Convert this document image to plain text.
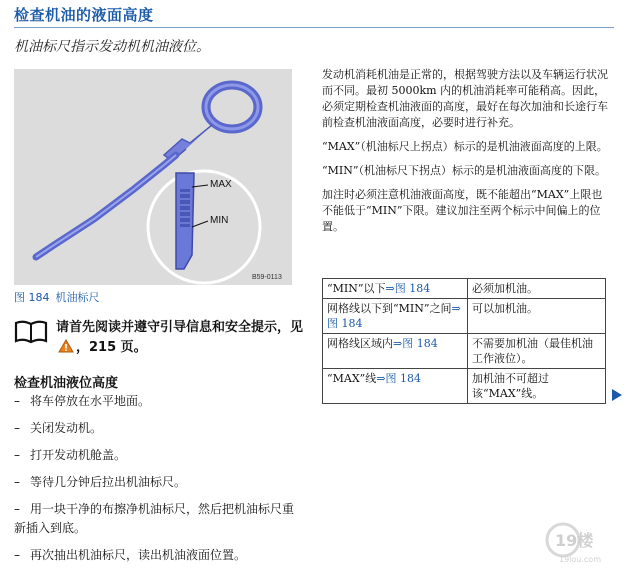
检查机油的液面高度
机油标尺指示发动机机油液位。
MAX
MIN
B59-0113
图 184 机油标尺
请首先阅读并遵守引导信息和安全提示，见，215 页。
检查机油液位高度
– 将车停放在水平地面。
– 关闭发动机。
– 打开发动机舱盖。
– 等待几分钟后拉出机油标尺。
– 用一块干净的布擦净机油标尺，然后把机油标尺重新插入到底。
– 再次抽出机油标尺，读出机油液面位置。

发动机消耗机油是正常的，根据驾驶方法以及车辆运行状况而不同。最初 5000km 内的机油消耗率可能稍高。因此，必须定期检查机油液面的高度，最好在每次加油和长途行车前检查机油液面高度，必要时进行补充。

“MAX”（机油标尺上拐点）标示的是机油液面高度的上限。

“MIN”（机油标尺下拐点）标示的是机油液面高度的下限。

加注时必须注意机油液面高度，既不能超出“MAX”上限也不能低于“MIN”下限。建议加注至两个标示中间偏上的位置。

“MIN”以下⇒图 184	必须加机油。
网格线以下到“MIN”之间⇒图 184	可以加机油。
网格线区域内⇒图 184	不需要加机油（最佳机油工作液位）。
“MAX”线⇒图 184	加机油不可超过该“MAX”线。
19楼
19lou.com
